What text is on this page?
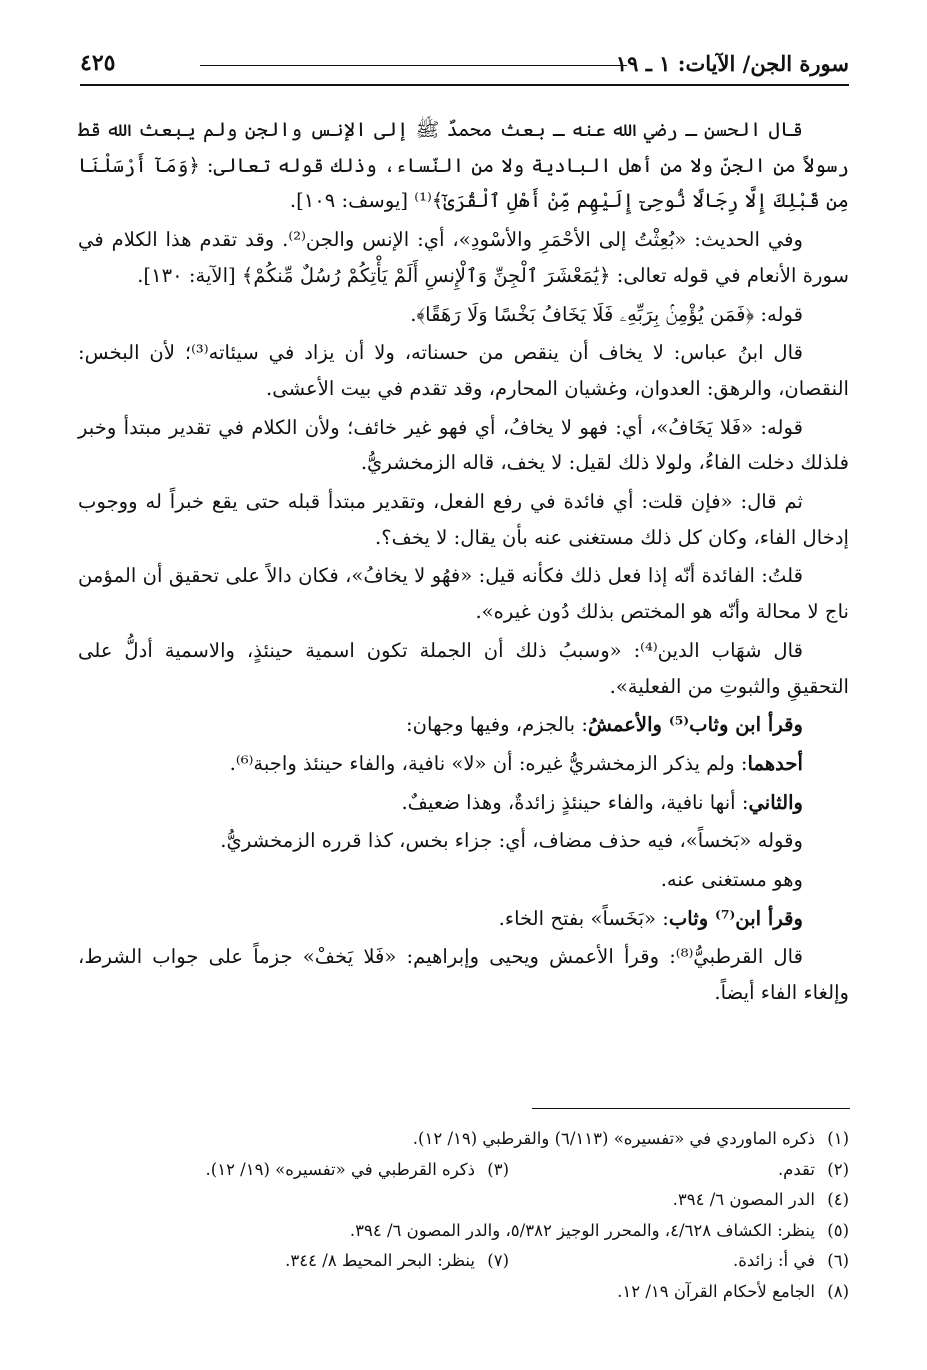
سورة الجن/ الآيات: ١ ـ ١٩
٤٢٥

قال الحسن ـ رضي الله عنه ـ بعث محمدٌ ﷺ إلى الإنس والجن ولم يبعث الله قط رسولاً من الجنّ ولا من أهل البادية ولا من النّساء، وذلك قوله تعالى: ﴿وَمَآ أَرْسَلْنَا مِن قَبْلِكَ إِلَّا رِجَالًا نُّوحِىٓ إِلَيْهِم مِّنْ أَهْلِ ٱلْقُرَىٰٓ﴾⁽¹⁾ [يوسف: ١٠٩].

وفي الحديث: «بُعِثْتُ إلى الأحْمَرِ والأسْودِ»، أي: الإنس والجن⁽²⁾. وقد تقدم هذا الكلام في سورة الأنعام في قوله تعالى: ﴿يَٰمَعْشَرَ ٱلْجِنِّ وَٱلْإِنسِ أَلَمْ يَأْتِكُمْ رُسُلٌ مِّنكُمْ﴾ [الآية: ١٣٠].

قوله: ﴿فَمَن يُؤْمِنۢ بِرَبِّهِۦ فَلَا يَخَافُ بَخْسًا وَلَا رَهَقًا﴾.

قال ابنُ عباس: لا يخاف أن ينقص من حسناته، ولا أن يزاد في سيئاته⁽³⁾؛ لأن البخس: النقصان، والرهق: العدوان، وغشيان المحارم، وقد تقدم في بيت الأعشى.

قوله: «فَلا يَخَافُ»، أي: فهو لا يخافُ، أي فهو غير خائف؛ ولأن الكلام في تقدير مبتدأ وخبر فلذلك دخلت الفاءُ، ولولا ذلك لقيل: لا يخف، قاله الزمخشريُّ.

ثم قال: «فإن قلت: أي فائدة في رفع الفعل، وتقدير مبتدأ قبله حتى يقع خبراً له ووجوب إدخال الفاء، وكان كل ذلك مستغنى عنه بأن يقال: لا يخف؟.

قلتُ: الفائدة أنّه إذا فعل ذلك فكأنه قيل: «فهُو لا يخافُ»، فكان دالاً على تحقيق أن المؤمن ناج لا محالة وأنّه هو المختص بذلك دُون غيره».

قال شهَاب الدين⁽⁴⁾: «وسببُ ذلك أن الجملة تكون اسمية حينئذٍ، والاسمية أدلُّ على التحقيقِ والثبوتِ من الفعلية».

وقرأ ابن وثاب⁽⁵⁾ والأعمشُ: بالجزم، وفيها وجهان:

أحدهما: ولم يذكر الزمخشريُّ غيره: أن «لا» نافية، والفاء حينئذ واجبة⁽⁶⁾.

والثاني: أنها نافية، والفاء حينئذٍ زائدةٌ، وهذا ضعيفٌ.

وقوله «بَخساً»، فيه حذف مضاف، أي: جزاء بخس، كذا قرره الزمخشريُّ.

وهو مستغنى عنه.

وقرأ ابن⁽⁷⁾ وثاب: «بَخَساً» بفتح الخاء.

قال القرطبيُّ⁽⁸⁾: وقرأ الأعمش ويحيى وإبراهيم: «فَلا يَخفْ» جزماً على جواب الشرط، وإلغاء الفاء أيضاً.

(١)ذكره الماوردي في «تفسيره» (٦/١١٣) والقرطبي (١٩/ ١٢).
(٢)تقدم.
(٣)ذكره القرطبي في «تفسيره» (١٩/ ١٢).
(٤)الدر المصون ٦/ ٣٩٤.
(٥)ينظر: الكشاف ٤/٦٢٨، والمحرر الوجيز ٥/٣٨٢، والدر المصون ٦/ ٣٩٤.
(٦)في أ: زائدة.
(٧)ينظر: البحر المحيط ٨/ ٣٤٤.
(٨)الجامع لأحكام القرآن ١٩/ ١٢.
